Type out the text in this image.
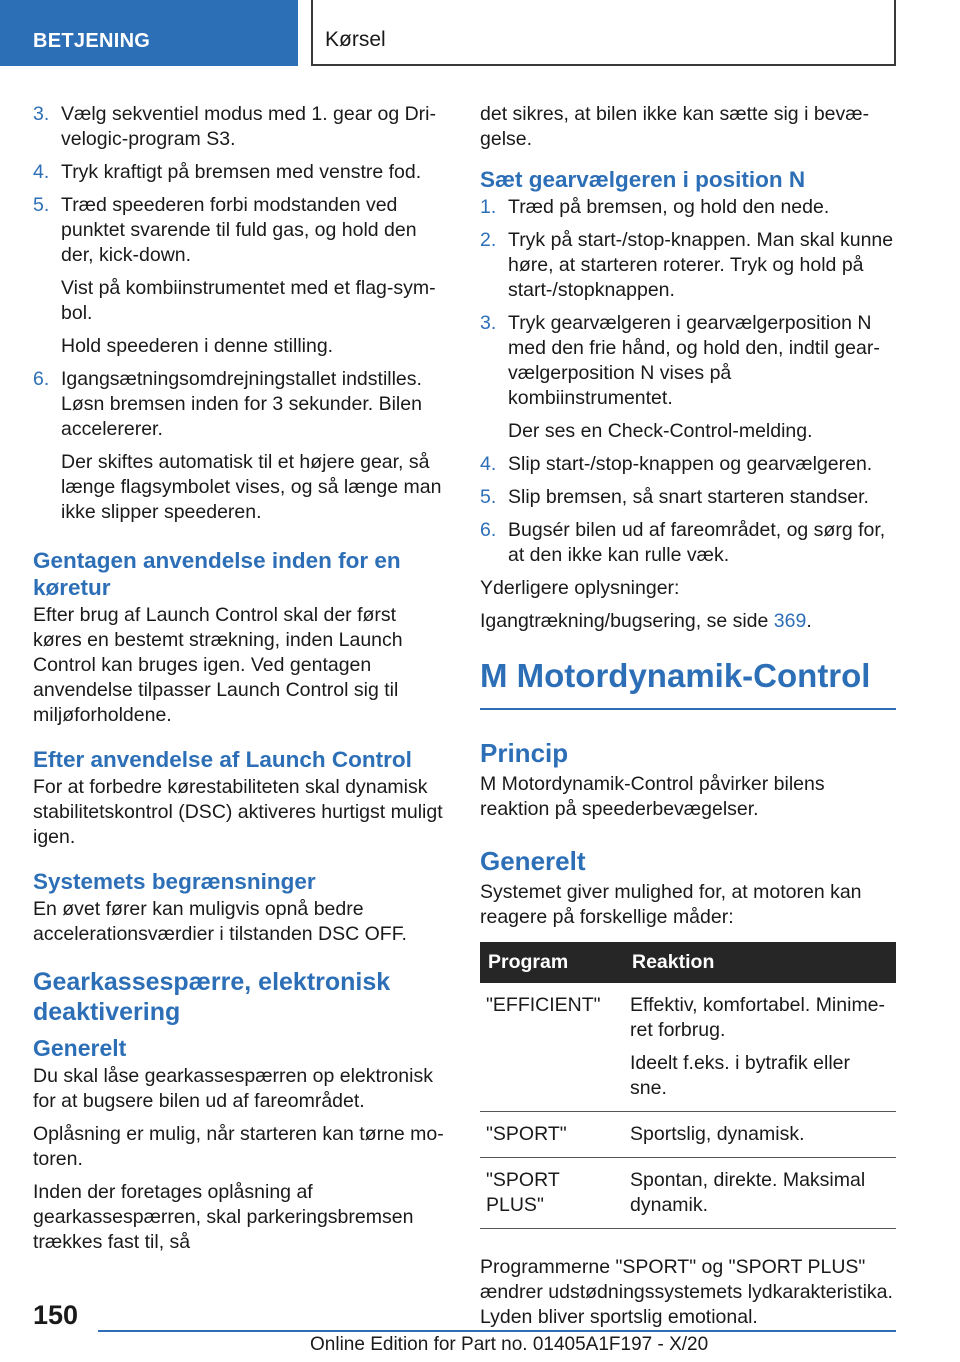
BETJENING	Kørsel
3. Vælg sekventiel modus med 1. gear og Drivelogic-program S3.
4. Tryk kraftigt på bremsen med venstre fod.
5. Træd speederen forbi modstanden ved punktet svarende til fuld gas, og hold den der, kick-down.
Vist på kombiinstrumentet med et flag-symbol.
Hold speederen i denne stilling.
6. Igangsætningsomdrejningstallet indstilles. Løsn bremsen inden for 3 sekunder. Bilen accelererer.
Der skiftes automatisk til et højere gear, så længe flagsymbolet vises, og så længe man ikke slipper speederen.
Gentagen anvendelse inden for en køretur
Efter brug af Launch Control skal der først køres en bestemt strækning, inden Launch Control kan bruges igen. Ved gentagen anvendelse tilpasser Launch Control sig til miljøforholdene.
Efter anvendelse af Launch Control
For at forbedre kørestabiliteten skal dynamisk stabilitetskontrol (DSC) aktiveres hurtigst muligt igen.
Systemets begrænsninger
En øvet fører kan muligvis opnå bedre accelerationsværdier i tilstanden DSC OFF.
Gearkassespærre, elektronisk deaktivering
Generelt
Du skal låse gearkassespærren op elektronisk for at bugsere bilen ud af fareområdet.
Oplåsning er mulig, når starteren kan tørne motoren.
Inden der foretages oplåsning af gearkassespærren, skal parkeringsbremsen trækkes fast til, så
det sikres, at bilen ikke kan sætte sig i bevægelse.
Sæt gearvælgeren i position N
1. Træd på bremsen, og hold den nede.
2. Tryk på start-/stop-knappen. Man skal kunne høre, at starteren roterer. Tryk og hold på start-/stopknappen.
3. Tryk gearvælgeren i gearvælgerposition N med den frie hånd, og hold den, indtil gearvælgerposition N vises på kombiinstrumentet.
Der ses en Check-Control-melding.
4. Slip start-/stop-knappen og gearvælgeren.
5. Slip bremsen, så snart starteren standser.
6. Bugsér bilen ud af fareområdet, og sørg for, at den ikke kan rulle væk.
Yderligere oplysninger:
Igangtrækning/bugsering, se side 369.
M Motordynamik-Control
Princip
M Motordynamik-Control påvirker bilens reaktion på speederbevægelser.
Generelt
Systemet giver mulighed for, at motoren kan reagere på forskellige måder:
Program	Reaktion
"EFFICIENT"	Effektiv, komfortabel. Minimeret forbrug.

Ideelt f.eks. i bytrafik eller sne.

"SPORT"	Sportslig, dynamisk.

"SPORT PLUS"	Spontan, direkte. Maksimal dynamik.

Programmerne "SPORT" og "SPORT PLUS" ændrer udstødningssystemets lydkarakteristika. Lyden bliver sportslig emotional.
150
Online Edition for Part no. 01405A1F197 - X/20
